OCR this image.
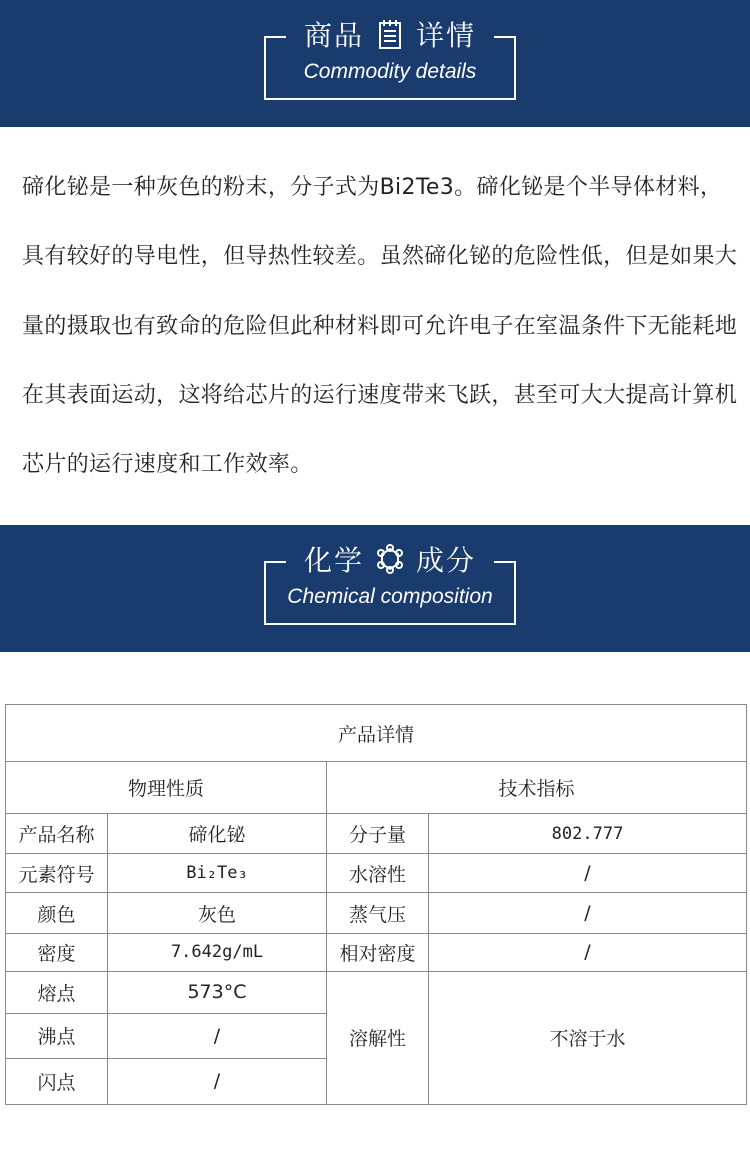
商品 详情
Commodity details
碲化铋是一种灰色的粉末，分子式为Bi2Te3。碲化铋是个半导体材料，具有较好的导电性，但导热性较差。虽然碲化铋的危险性低，但是如果大量的摄取也有致命的危险但此种材料即可允许电子在室温条件下无能耗地在其表面运动，这将给芯片的运行速度带来飞跃，甚至可大大提高计算机芯片的运行速度和工作效率。
化学 成分
Chemical composition
产品详情			
物理性质		技术指标	
产品名称	碲化铋	分子量	802.777
元素符号	Bi₂Te₃	水溶性	/
颜色	灰色	蒸气压	/
密度	7.642g/mL	相对密度	/
熔点	573°C	溶解性	不溶于水
沸点	/		
闪点	/		
